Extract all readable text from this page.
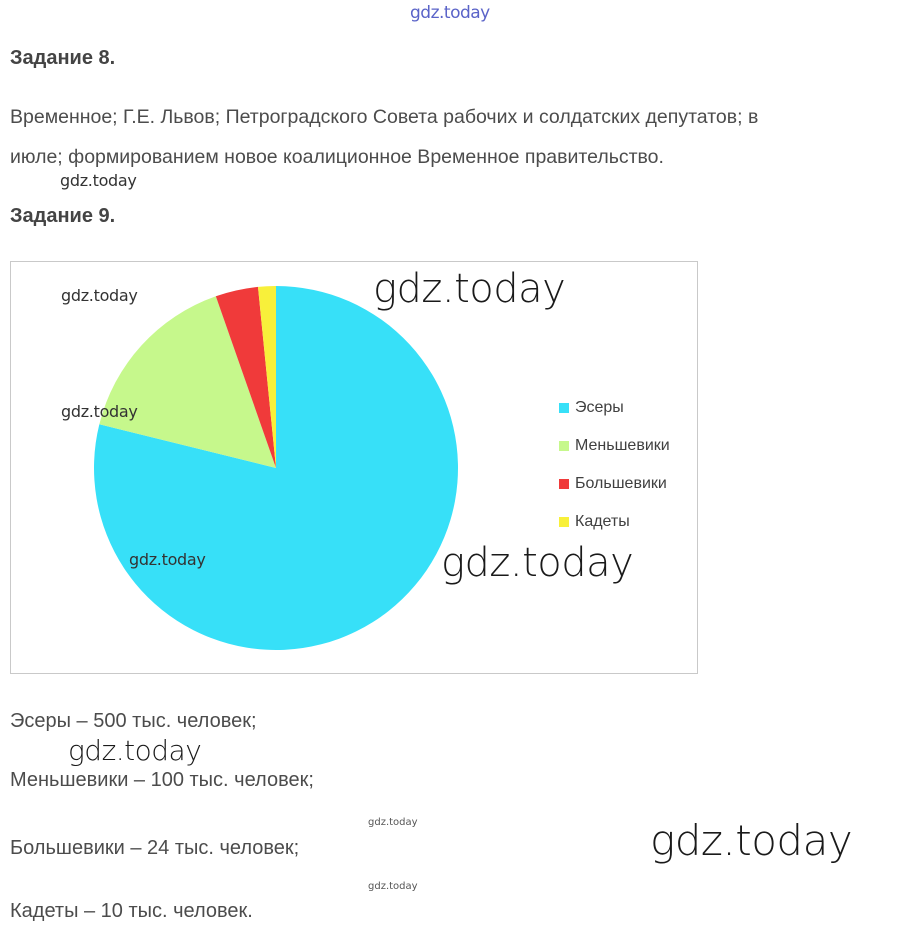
gdz.today
Задание 8.
Временное; Г.Е. Львов; Петроградского Совета рабочих и солдатских депутатов; в
июле; формированием новое коалиционное Временное правительство.
gdz.today
Задание 9.
Эсеры
Меньшевики
Большевики
Кадеты
gdz.today
gdz.today
gdz.today
gdz.today
gdz.today
Эсеры – 500 тыс. человек;
gdz.today
Меньшевики – 100 тыс. человек;
gdz.today
Большевики – 24 тыс. человек;	gdz.today
gdz.today
Кадеты – 10 тыс. человек.
